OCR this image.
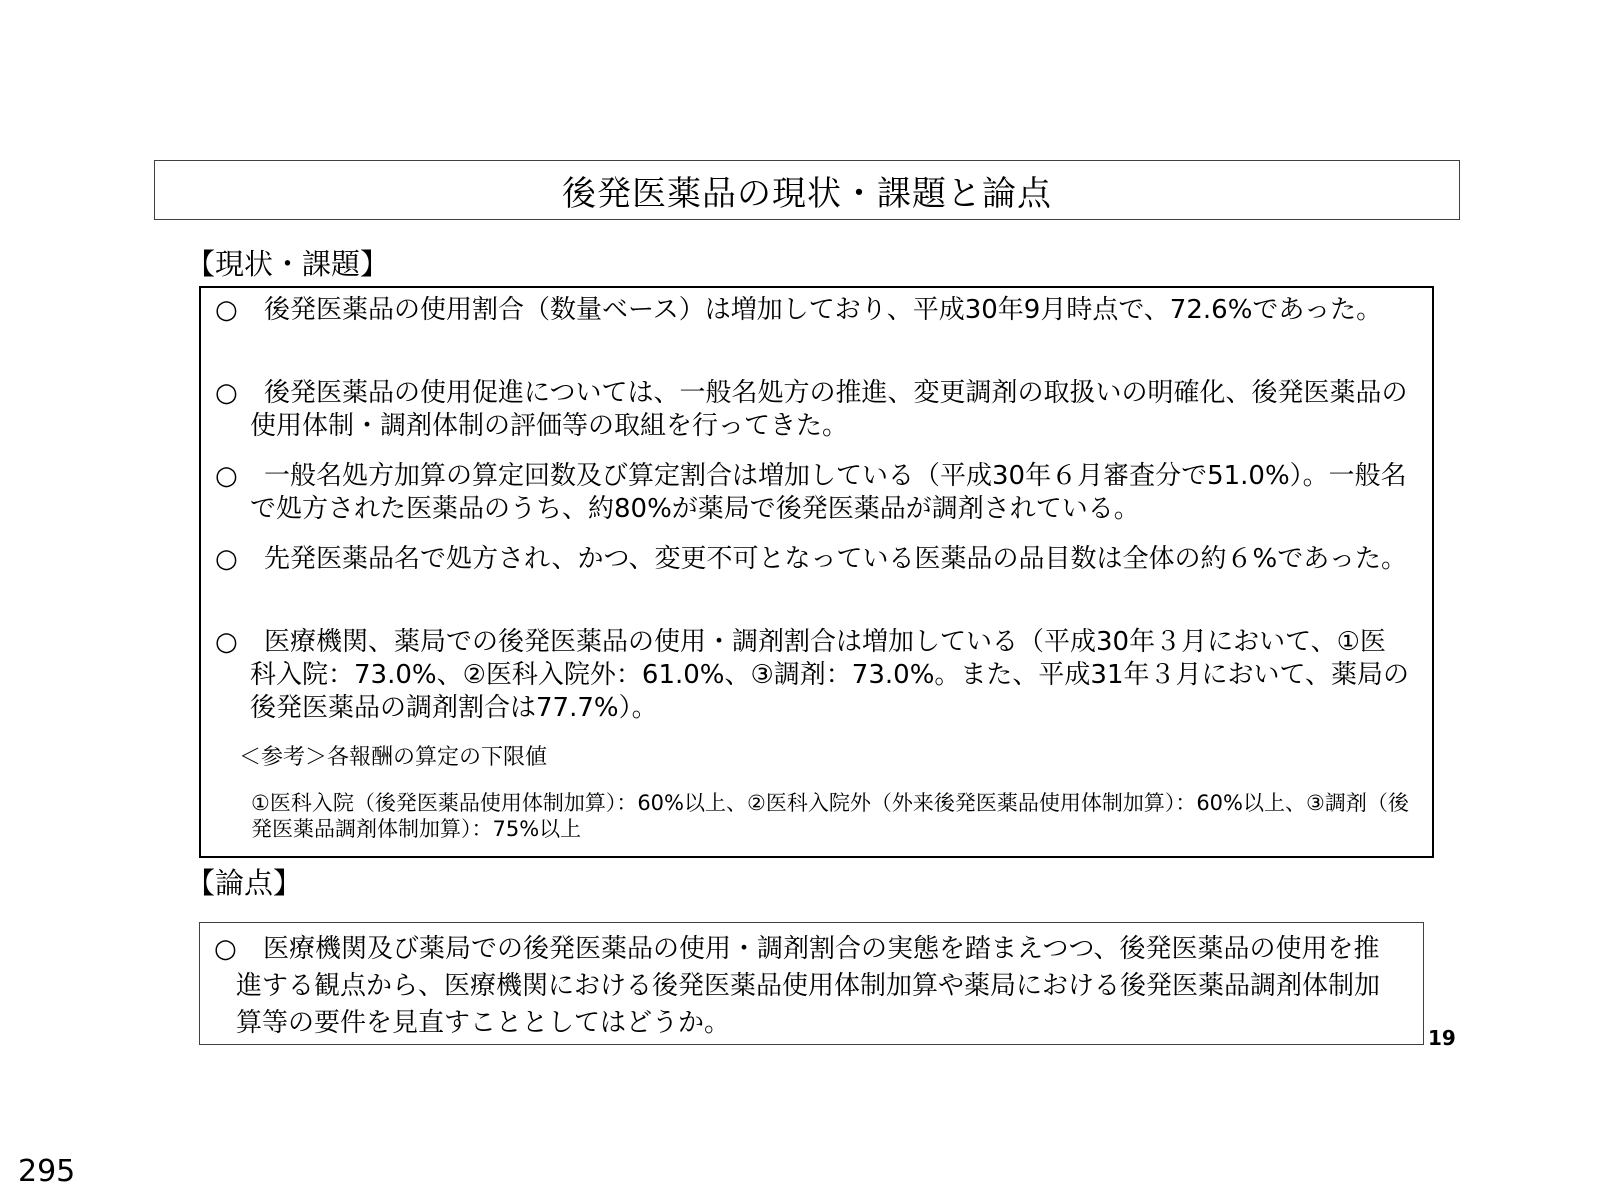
後発医薬品の現状・課題と論点
【現状・課題】
○	後発医薬品の使用割合（数量ベース）は増加しており、平成30年9月時点で、72.6%であった。
○	後発医薬品の使用促進については、一般名処方の推進、変更調剤の取扱いの明確化、後発医薬品の使用体制・調剤体制の評価等の取組を行ってきた。
○	一般名処方加算の算定回数及び算定割合は増加している（平成30年６月審査分で51.0%）。一般名で処方された医薬品のうち、約80%が薬局で後発医薬品が調剤されている。
○	先発医薬品名で処方され、かつ、変更不可となっている医薬品の品目数は全体の約６%であった。
○	医療機関、薬局での後発医薬品の使用・調剤割合は増加している（平成30年３月において、①医科入院：73.0%、②医科入院外：61.0%、③調剤：73.0%。また、平成31年３月において、薬局の後発医薬品の調剤割合は77.7%）。
＜参考＞各報酬の算定の下限値
①医科入院（後発医薬品使用体制加算）：60%以上、②医科入院外（外来後発医薬品使用体制加算）：60%以上、③調剤（後発医薬品調剤体制加算）：75%以上
【論点】
○	医療機関及び薬局での後発医薬品の使用・調剤割合の実態を踏まえつつ、後発医薬品の使用を推進する観点から、医療機関における後発医薬品使用体制加算や薬局における後発医薬品調剤体制加算等の要件を見直すこととしてはどうか。	19
295
